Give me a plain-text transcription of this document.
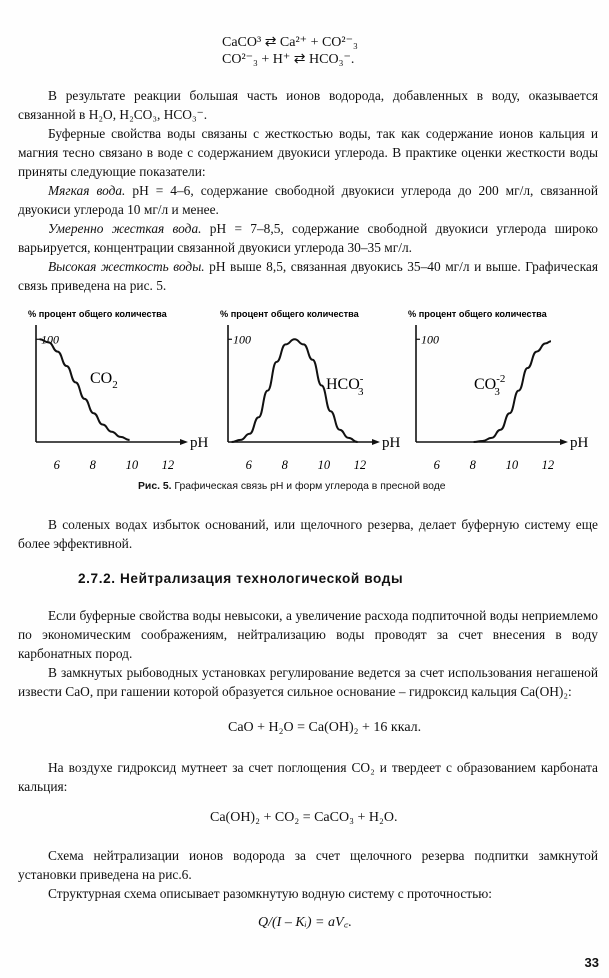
CaCO³ ⇄ Ca²⁺ + CO²⁻₃
CO²⁻₃ + H⁺ ⇄ HCO₃⁻.

В результате реакции большая часть ионов водорода, добавленных в воду, оказывается связанной в H₂O, H₂CO₃, HCO₃⁻.

Буферные свойства воды связаны с жесткостью воды, так как содержание ионов кальция и магния тесно связано в воде с содержанием двуокиси углерода. В практике оценки жесткости воды приняты следующие показатели:

Мягкая вода. pH = 4–6, содержание свободной двуокиси углерода до 200 мг/л, связанной двуокиси углерода 10 мг/л и менее.

Умеренно жесткая вода. pH = 7–8,5, содержание свободной двуокиси углерода широко варьируется, концентрации связанной двуокиси углерода 30–35 мг/л.

Высокая жесткость воды. pH выше 8,5, связанная двуокись 35–40 мг/л и выше. Графическая связь приведена на рис. 5.

% процент общего количества
100
pH
6 8 10 12
$CO_2$
% процент общего количества
100
pH
6 8 10 12
HCO-3
% процент общего количества
100
pH
6 8 10 12
$CO^{-2}$ 3
Рис. 5. Графическая связь pH и форм углерода в пресной воде

В соленых водах избыток оснований, или щелочного резерва, делает буферную систему еще более эффективной.

2.7.2. Нейтрализация технологической воды

Если буферные свойства воды невысоки, а увеличение расхода подпиточной воды неприемлемо по экономическим соображениям, нейтрализацию воды проводят за счет внесения в воду карбонатных пород.

В замкнутых рыбоводных установках регулирование ведется за счет использования негашеной извести CaO, при гашении которой образуется сильное основание – гидроксид кальция Ca(OH)₂:

CaO + H₂O = Ca(OH)₂ + 16 ккал.

На воздухе гидроксид мутнеет за счет поглощения CO₂ и твердеет с образованием карбоната кальция:

Ca(OH)₂ + CO₂ = CaCO₃ + H₂O.

Схема нейтрализации ионов водорода за счет щелочного резерва подпитки замкнутой установки приведена на рис.6.

Структурная схема описывает разомкнутую водную систему с проточностью:

Q/(I – Kᵢ) = aV꜀.
33
